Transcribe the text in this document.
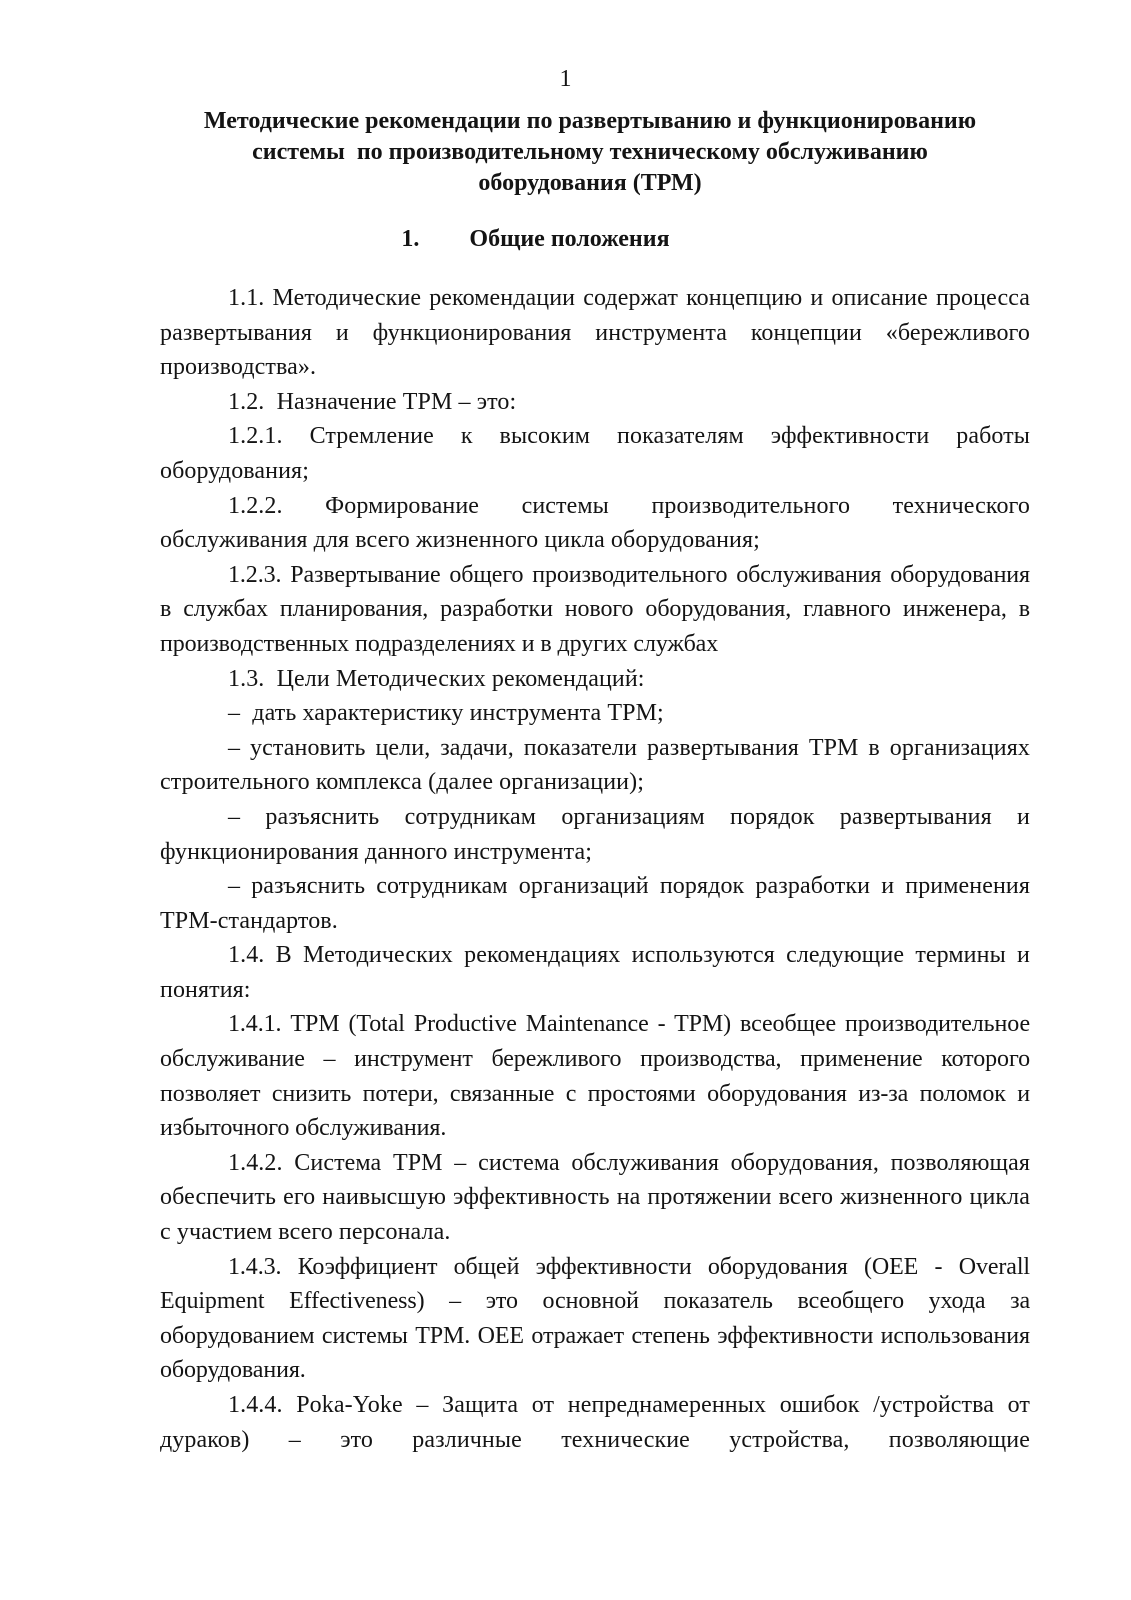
1
Методические рекомендации по развертыванию и функционированию
системы  по производительному техническому обслуживанию
оборудования (ТРМ)
1. Общие положения

1.1. Методические рекомендации содержат концепцию и описание процесса развертывания и функционирования инструмента концепции «бережливого производства».

1.2.  Назначение ТРМ – это:

1.2.1. Стремление к высоким показателям эффективности работы оборудования;

1.2.2. Формирование системы производительного технического обслуживания для всего жизненного цикла оборудования;

1.2.3. Развертывание общего производительного обслуживания оборудования в службах планирования, разработки нового оборудования, главного инженера, в производственных подразделениях и в других службах

1.3.  Цели Методических рекомендаций:

–  дать характеристику инструмента ТРМ;

– установить цели, задачи, показатели развертывания ТРМ в организациях строительного комплекса (далее организации);

– разъяснить сотрудникам организациям порядок развертывания и функционирования данного инструмента;

– разъяснить сотрудникам организаций порядок разработки и применения ТРМ-стандартов.

1.4. В Методических рекомендациях используются следующие термины и понятия:

1.4.1. ТРМ (Total Productive Maintenance - TPM) всеобщее производительное обслуживание – инструмент бережливого производства, применение которого позволяет снизить потери, связанные с простоями оборудования из-за поломок и избыточного обслуживания.

1.4.2. Система ТРМ – система обслуживания оборудования, позволяющая обеспечить его наивысшую эффективность на протяжении всего жизненного цикла с участием всего персонала.

1.4.3. Коэффициент общей эффективности оборудования (OEE - Overall Equipment Effectiveness) – это основной показатель всеобщего ухода за оборудованием системы ТРМ. OEE отражает степень эффективности использования оборудования.

1.4.4. Poka-Yoke – Защита от непреднамеренных ошибок /устройства от дураков) – это различные технические устройства, позволяющие
